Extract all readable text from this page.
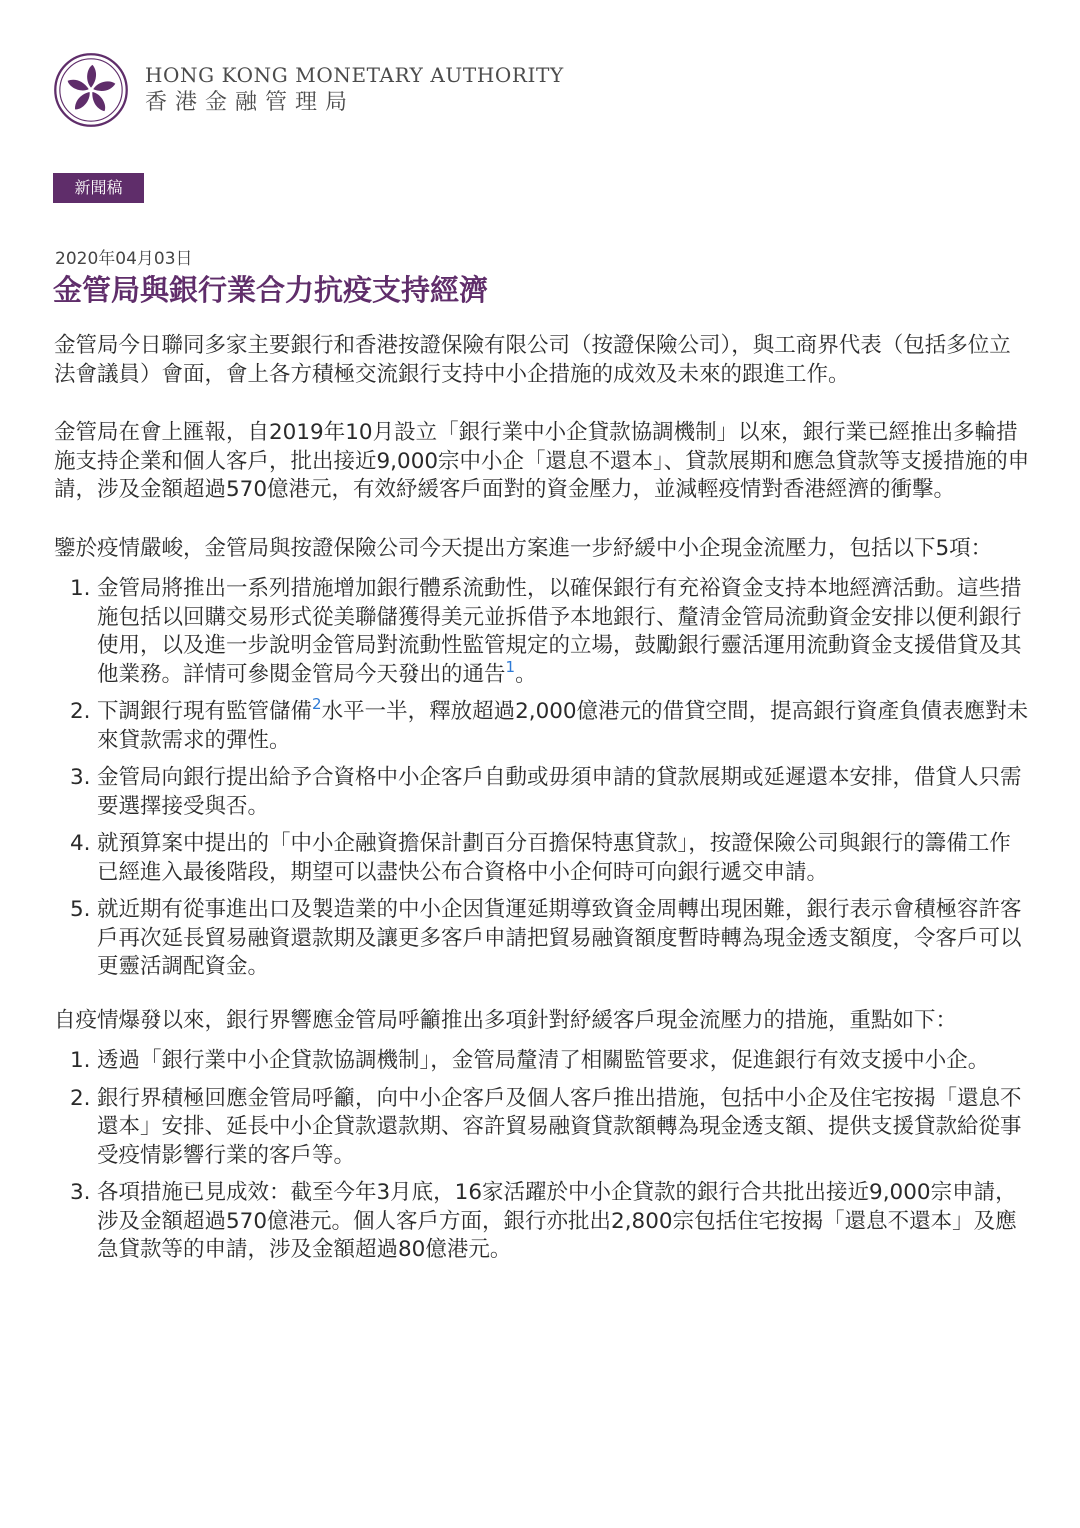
HONG KONG MONETARY AUTHORITY
香港金融管理局
新聞稿
2020年04月03日
金管局與銀行業合力抗疫支持經濟

金管局今日聯同多家主要銀行和香港按證保險有限公司（按證保險公司），與工商界代表（包括多位立法會議員）會面，會上各方積極交流銀行支持中小企措施的成效及未來的跟進工作。

金管局在會上匯報，自2019年10月設立「銀行業中小企貸款協調機制」以來，銀行業已經推出多輪措施支持企業和個人客戶，批出接近9,000宗中小企「還息不還本」、貸款展期和應急貸款等支援措施的申請，涉及金額超過570億港元，有效紓緩客戶面對的資金壓力，並減輕疫情對香港經濟的衝擊。

鑒於疫情嚴峻，金管局與按證保險公司今天提出方案進一步紓緩中小企現金流壓力，包括以下5項：

1. 金管局將推出一系列措施增加銀行體系流動性，以確保銀行有充裕資金支持本地經濟活動。這些措施包括以回購交易形式從美聯儲獲得美元並拆借予本地銀行、釐清金管局流動資金安排以便利銀行使用，以及進一步說明金管局對流動性監管規定的立場，鼓勵銀行靈活運用流動資金支援借貸及其他業務。詳情可參閱金管局今天發出的通告$^1$。
2. 下調銀行現有監管儲備$^2$水平一半，釋放超過2,000億港元的借貸空間，提高銀行資產負債表應對未來貸款需求的彈性。
3. 金管局向銀行提出給予合資格中小企客戶自動或毋須申請的貸款展期或延遲還本安排，借貸人只需要選擇接受與否。
4. 就預算案中提出的「中小企融資擔保計劃百分百擔保特惠貸款」，按證保險公司與銀行的籌備工作已經進入最後階段，期望可以盡快公布合資格中小企何時可向銀行遞交申請。
5. 就近期有從事進出口及製造業的中小企因貨運延期導致資金周轉出現困難，銀行表示會積極容許客戶再次延長貿易融資還款期及讓更多客戶申請把貿易融資額度暫時轉為現金透支額度，令客戶可以更靈活調配資金。

自疫情爆發以來，銀行界響應金管局呼籲推出多項針對紓緩客戶現金流壓力的措施，重點如下：

1. 透過「銀行業中小企貸款協調機制」，金管局釐清了相關監管要求，促進銀行有效支援中小企。
2. 銀行界積極回應金管局呼籲，向中小企客戶及個人客戶推出措施，包括中小企及住宅按揭「還息不還本」安排、延長中小企貸款還款期、容許貿易融資貸款額轉為現金透支額、提供支援貸款給從事受疫情影響行業的客戶等。
3. 各項措施已見成效：截至今年3月底，16家活躍於中小企貸款的銀行合共批出接近9,000宗申請，涉及金額超過570億港元。個人客戶方面，銀行亦批出2,800宗包括住宅按揭「還息不還本」及應急貸款等的申請，涉及金額超過80億港元。
